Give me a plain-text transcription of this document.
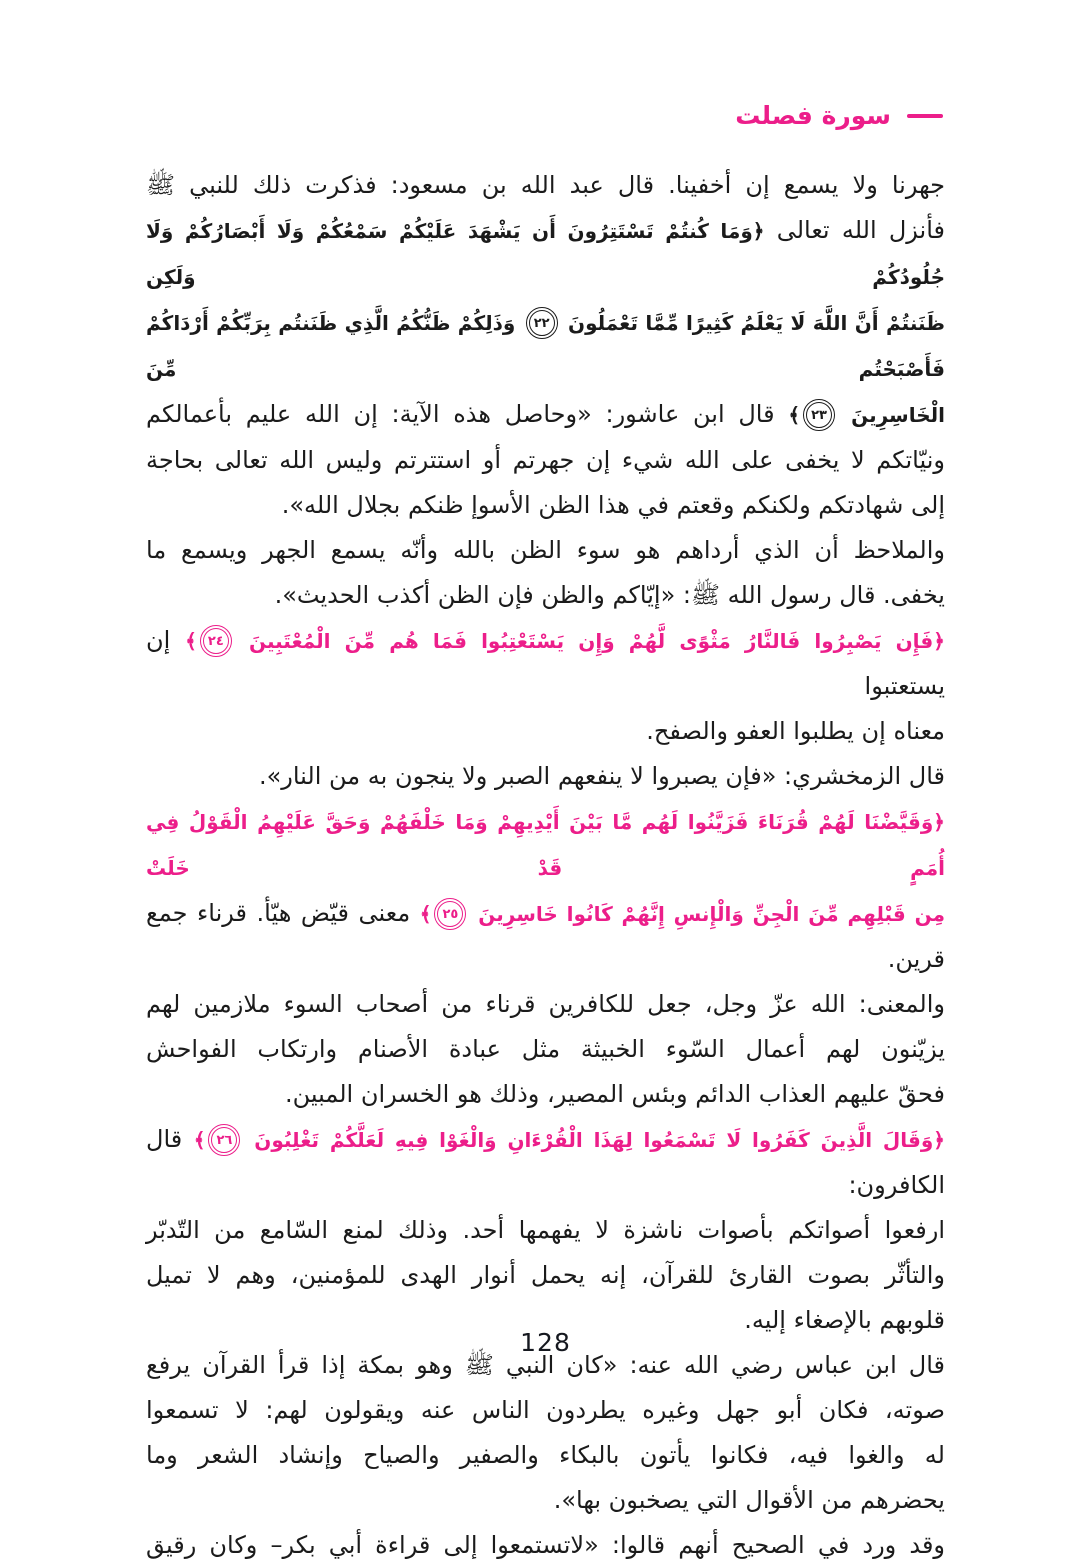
سورة فصلت
جهرنا ولا يسمع إن أخفينا. قال عبد الله بن مسعود: فذكرت ذلك للنبي ﷺ
فأنزل الله تعالى ﴿وَمَا كُنتُمْ تَسْتَتِرُونَ أَن يَشْهَدَ عَلَيْكُمْ سَمْعُكُمْ وَلَا أَبْصَارُكُمْ وَلَا جُلُودُكُمْ وَلَكِن
ظَنَنتُمْ أَنَّ اللَّهَ لَا يَعْلَمُ كَثِيرًا مِّمَّا تَعْمَلُونَ ٢٢ وَذَلِكُمْ ظَنُّكُمُ الَّذِي ظَنَنتُم بِرَبِّكُمْ أَرْدَاكُمْ فَأَصْبَحْتُم مِّنَ
الْخَاسِرِينَ ٢٣﴾ قال ابن عاشور: «وحاصل هذه الآية: إن الله عليم بأعمالكم
ونيّاتكم لا يخفى على الله شيء إن جهرتم أو استترتم وليس الله تعالى بحاجة
إلى شهادتكم ولكنكم وقعتم في هذا الظن الأسوإ ظنكم بجلال الله».
والملاحظ أن الذي أرداهم هو سوء الظن بالله وأنّه يسمع الجهر ويسمع ما
يخفى. قال رسول الله ﷺ: «إيّاكم والظن فإن الظن أكذب الحديث».
﴿فَإِن يَصْبِرُوا فَالنَّارُ مَثْوًى لَّهُمْ وَإِن يَسْتَعْتِبُوا فَمَا هُم مِّنَ الْمُعْتَبِينَ ٢٤﴾ إن يستعتبوا
معناه إن يطلبوا العفو والصفح.
قال الزمخشري: «فإن يصبروا لا ينفعهم الصبر ولا ينجون به من النار».
﴿وَقَيَّضْنَا لَهُمْ قُرَنَاءَ فَزَيَّنُوا لَهُم مَّا بَيْنَ أَيْدِيهِمْ وَمَا خَلْفَهُمْ وَحَقَّ عَلَيْهِمُ الْقَوْلُ فِي أُمَمٍ قَدْ خَلَتْ
مِن قَبْلِهِم مِّنَ الْجِنِّ وَالْإِنسِ إِنَّهُمْ كَانُوا خَاسِرِينَ ٢٥﴾ معنى قيّض هيّأ. قرناء جمع قرين.
والمعنى: الله عزّ وجل، جعل للكافرين قرناء من أصحاب السوء ملازمين لهم
يزيّنون لهم أعمال السّوء الخبيثة مثل عبادة الأصنام وارتكاب الفواحش
فحقّ عليهم العذاب الدائم وبئس المصير، وذلك هو الخسران المبين.
﴿وَقَالَ الَّذِينَ كَفَرُوا لَا تَسْمَعُوا لِهَذَا الْقُرْءَانِ وَالْغَوْا فِيهِ لَعَلَّكُمْ تَغْلِبُونَ ٢٦﴾ قال الكافرون:
ارفعوا أصواتكم بأصوات ناشزة لا يفهمها أحد. وذلك لمنع السّامع من التّدبّر
والتأثّر بصوت القارئ للقرآن، إنه يحمل أنوار الهدى للمؤمنين، وهم لا تميل
قلوبهم بالإصغاء إليه.
قال ابن عباس رضي الله عنه: «كان النبي ﷺ وهو بمكة إذا قرأ القرآن يرفع
صوته، فكان أبو جهل وغيره يطردون الناس عنه ويقولون لهم: لا تسمعوا
له والغوا فيه، فكانوا يأتون بالبكاء والصفير والصياح وإنشاد الشعر وما
يحضرهم من الأقوال التي يصخبون بها».
وقد ورد في الصحيح أنهم قالوا: «لاتستمعوا إلى قراءة أبي بكر– وكان رقيق
128
